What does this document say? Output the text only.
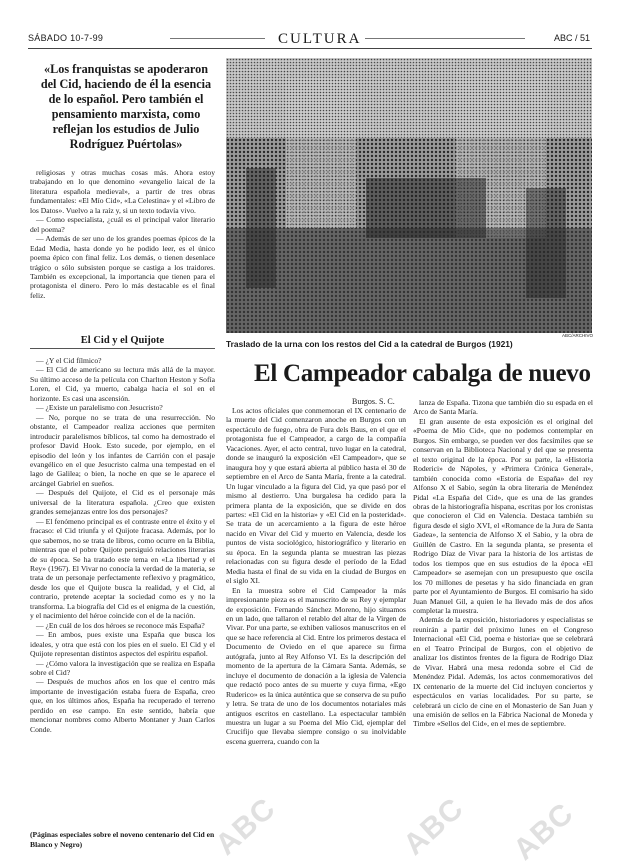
SÁBADO 10-7-99	CULTURA	ABC / 51
«Los franquistas se apoderaron del Cid, haciendo de él la esencia de lo español. Pero también el pensamiento marxista, como reflejan los estudios de Julio Rodríguez Puértolas»

religiosas y otras muchas cosas más. Ahora estoy trabajando en lo que denomino «evangelio laical de la literatura española medieval», a partir de tres obras fundamentales: «El Mío Cid», «La Celestina» y el «Libro de los Datos». Vuelvo a la raíz y, si un texto todavía vivo.

— Como especialista, ¿cuál es el principal valor literario del poema?

— Además de ser uno de los grandes poemas épicos de la Edad Media, hasta donde yo he podido leer, es el único poema épico con final feliz. Los demás, o tienen desenlace trágico o sólo subsisten porque se castiga a los traidores. También es excepcional, la importancia que tienen para el protagonista el dinero. Pero lo más destacable es el final feliz.

El Cid y el Quijote

— ¿Y el Cid fílmico?

— El Cid de americano su lectura más allá de la mayor. Su último acceso de la película con Charlton Heston y Sofía Loren, el Cid, ya muerto, cabalga hacia el sol en el horizonte. Es casi una ascensión.

— ¿Existe un paralelismo con Jesucristo?

— No, porque no se trata de una resurrección. No obstante, el Campeador realiza acciones que permiten introducir paralelismos bíblicos, tal como ha demostrado el profesor David Hook. Esto sucede, por ejemplo, en el episodio del león y los infantes de Carrión con el pasaje evangélico en el que Jesucristo calma una tempestad en el lago de Galilea; o bien, la noche en que se le aparece el arcángel Gabriel en sueños.

— Después del Quijote, el Cid es el personaje más universal de la literatura española. ¿Creo que existen grandes semejanzas entre los dos personajes?

— El fenómeno principal es el contraste entre el éxito y el fracaso: el Cid triunfa y el Quijote fracasa. Además, por lo que sabemos, no se trata de libros, como ocurre en la Biblia, mientras que el pobre Quijote persiguió relaciones literarias de su época. Se ha tratado este tema en «La libertad y el Rey» (1967). El Vivar no conocía la verdad de la materia, se trata de un personaje perfectamente reflexivo y pragmático, desde los que el Quijote busca la realidad, y el Cid, al contrario, pretende aceptar la sociedad como es y no la transforma. La biografía del Cid es el enigma de la cuestión, y el nacimiento del héroe coincide con el de la nación.

— ¿En cuál de los dos héroes se reconoce más España?

— En ambos, pues existe una España que busca los ideales, y otra que está con los pies en el suelo. El Cid y el Quijote representan distintos aspectos del espíritu español.

— ¿Cómo valora la investigación que se realiza en España sobre el Cid?

— Después de muchos años en los que el centro más importante de investigación estaba fuera de España, creo que, en los últimos años, España ha recuperado el terreno perdido en ese campo. En este sentido, habría que mencionar nombres como Alberto Montaner y Juan Carlos Conde.

(Páginas especiales sobre el noveno centenario del Cid en Blanco y Negro)
ABC/ARCHIVO
Traslado de la urna con los restos del Cid a la catedral de Burgos (1921)
El Campeador cabalga de nuevo
Burgos. S. C.

Los actos oficiales que conmemoran el IX centenario de la muerte del Cid comenzaron anoche en Burgos con un espectáculo de fuego, obra de Fura dels Baus, en el que el protagonista fue el Campeador, a cargo de la compañía Vacaciones. Ayer, el acto central, tuvo lugar en la catedral, donde se inauguró la exposición «El Campeador», que se inaugura hoy y que estará abierta al público hasta el 30 de septiembre en el Arco de Santa María, frente a la catedral. Un lugar vinculado a la figura del Cid, ya que pasó por el mismo al destierro. Una burgalesa ha cedido para la primera planta de la exposición, que se divide en dos partes: «El Cid en la historia» y «El Cid en la posteridad». Se trata de un acercamiento a la figura de este héroe nacido en Vivar del Cid y muerto en Valencia, desde los puntos de vista sociológico, historiográfico y literario en su época. En la segunda planta se muestran las piezas relacionadas con su figura desde el período de la Edad Media hasta el final de su vida en la ciudad de Burgos en el siglo XI.

En la muestra sobre el Cid Campeador la más impresionante pieza es el manuscrito de su Rey y ejemplar de exposición. Fernando Sánchez Moreno, hijo situamos en un lado, que tallaron el retablo del altar de la Virgen de Vivar. Por una parte, se exhiben valiosos manuscritos en el que se hace referencia al Cid. Entre los primeros destaca el Documento de Oviedo en el que aparece su firma autógrafa, junto al Rey Alfonso VI. Es la descripción del momento de la apertura de la Cámara Santa. Además, se incluye el documento de donación a la iglesia de Valencia que redactó poco antes de su muerte y cuya firma, «Ego Ruderico» es la única auténtica que se conserva de su puño y letra. Se trata de uno de los documentos notariales más antiguos escritos en castellano. La espectacular también muestra un lugar a su Poema del Mío Cid, ejemplar del Crucifijo que llevaba siempre consigo o su inolvidable escena guerrera, cuando con la

lanza de España. Tizona que también dio su espada en el Arco de Santa María.

El gran ausente de esta exposición es el original del «Poema de Mío Cid», que no podemos contemplar en Burgos. Sin embargo, se pueden ver dos facsímiles que se conservan en la Biblioteca Nacional y del que se presenta el texto original de la época. Por su parte, la «Historia Roderici» de Nápoles, y «Primera Crónica General», también conocida como «Estoria de España» del rey Alfonso X el Sabio, según la obra literaria de Menéndez Pidal «La España del Cid», que es una de las grandes obras de la historiografía hispana, escritas por los cronistas que conocieron el Cid en Valencia. Destaca también su figura desde el siglo XVI, el «Romance de la Jura de Santa Gadea», la sentencia de Alfonso X el Sabio, y la obra de Guillén de Castro. En la segunda planta, se presenta el Rodrigo Díaz de Vivar para la historia de los artistas de todos los tiempos que en sus estudios de la época «El Campeador» se asemejan con un presupuesto que oscila los 70 millones de pesetas y ha sido financiada en gran parte por el Ayuntamiento de Burgos. El comisario ha sido Juan Manuel Gil, a quien le ha llevado más de dos años completar la muestra.

Además de la exposición, historiadores y especialistas se reunirán a partir del próximo lunes en el Congreso Internacional «El Cid, poema e historia» que se celebrará en el Teatro Principal de Burgos, con el objetivo de analizar los distintos frentes de la figura de Rodrigo Díaz de Vivar. Habrá una mesa redonda sobre el Cid de Menéndez Pidal. Además, los actos conmemorativos del IX centenario de la muerte del Cid incluyen conciertos y espectáculos en varias localidades. Por su parte, se celebrará un ciclo de cine en el Monasterio de San Juan y una emisión de sellos en la Fábrica Nacional de Moneda y Timbre «Sellos del Cid», en el mes de septiembre.

ABC	ABC ABC
